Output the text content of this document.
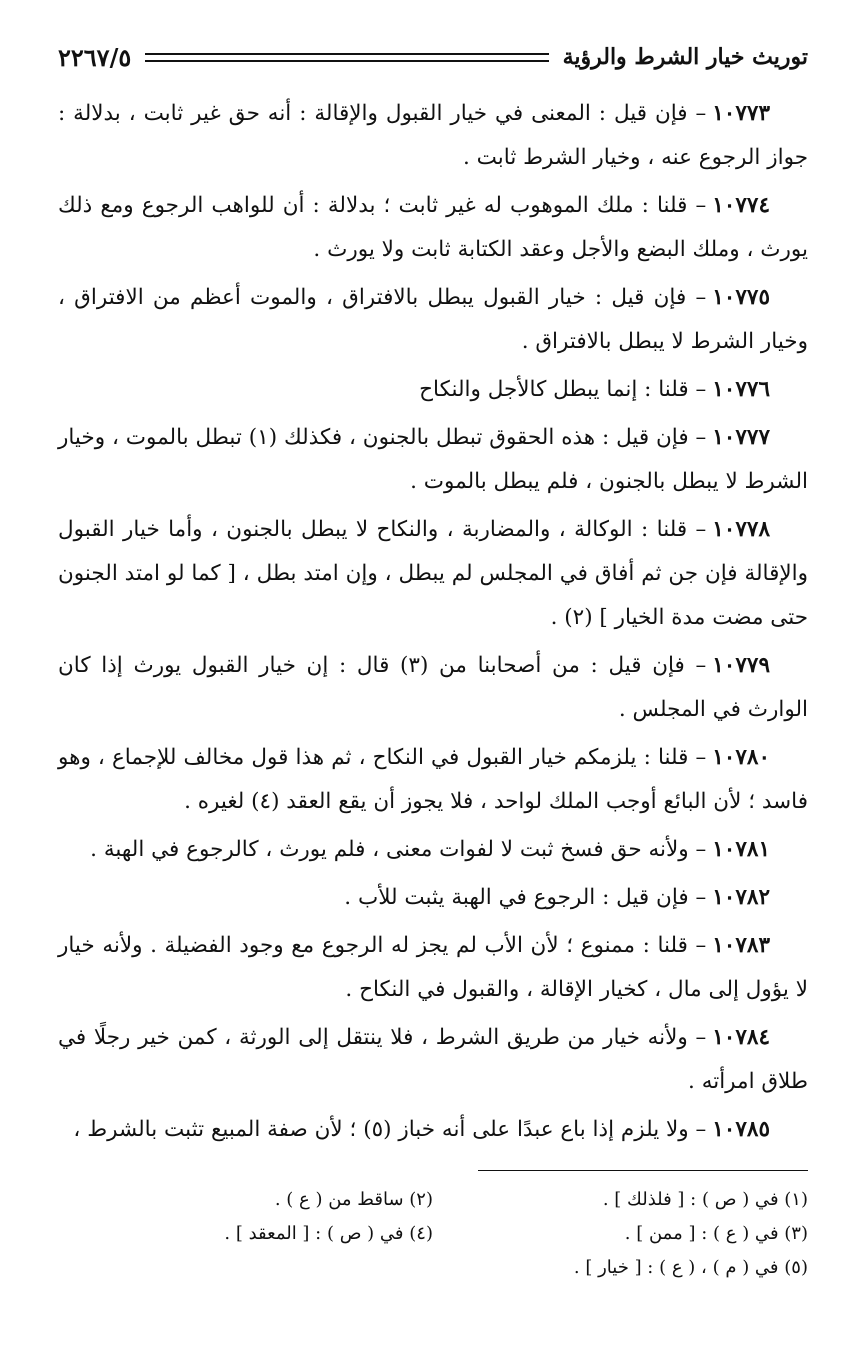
توريث خيار الشرط والرؤية
٢٢٦٧/٥

١٠٧٧٣– فإن قيل : المعنى في خيار القبول والإقالة : أنه حق غير ثابت ، بدلالة : جواز الرجوع عنه ، وخيار الشرط ثابت .

١٠٧٧٤– قلنا : ملك الموهوب له غير ثابت ؛ بدلالة : أن للواهب الرجوع ومع ذلك يورث ، وملك البضع والأجل وعقد الكتابة ثابت ولا يورث .

١٠٧٧٥– فإن قيل : خيار القبول يبطل بالافتراق ، والموت أعظم من الافتراق ، وخيار الشرط لا يبطل بالافتراق .

١٠٧٧٦– قلنا : إنما يبطل كالأجل والنكاح

١٠٧٧٧– فإن قيل : هذه الحقوق تبطل بالجنون ، فكذلك (١) تبطل بالموت ، وخيار الشرط لا يبطل بالجنون ، فلم يبطل بالموت .

١٠٧٧٨– قلنا : الوكالة ، والمضاربة ، والنكاح لا يبطل بالجنون ، وأما خيار القبول والإقالة فإن جن ثم أفاق في المجلس لم يبطل ، وإن امتد بطل ، [ كما لو امتد الجنون حتى مضت مدة الخيار ] (٢) .

١٠٧٧٩– فإن قيل : من أصحابنا من (٣) قال : إن خيار القبول يورث إذا كان الوارث في المجلس .

١٠٧٨٠– قلنا : يلزمكم خيار القبول في النكاح ، ثم هذا قول مخالف للإجماع ، وهو فاسد ؛ لأن البائع أوجب الملك لواحد ، فلا يجوز أن يقع العقد (٤) لغيره .

١٠٧٨١– ولأنه حق فسخ ثبت لا لفوات معنى ، فلم يورث ، كالرجوع في الهبة .

١٠٧٨٢– فإن قيل : الرجوع في الهبة يثبت للأب .

١٠٧٨٣– قلنا : ممنوع ؛ لأن الأب لم يجز له الرجوع مع وجود الفضيلة . ولأنه خيار لا يؤول إلى مال ، كخيار الإقالة ، والقبول في النكاح .

١٠٧٨٤– ولأنه خيار من طريق الشرط ، فلا ينتقل إلى الورثة ، كمن خير رجلًا في طلاق امرأته .

١٠٧٨٥– ولا يلزم إذا باع عبدًا على أنه خباز (٥) ؛ لأن صفة المبيع تثبت بالشرط ،

(١) في ( ص ) : [ فلذلك ] .
(٢) ساقط من ( ع ) .
(٣) في ( ع ) : [ ممن ] .
(٤) في ( ص ) : [ المعقد ] .
(٥) في ( م ) ، ( ع ) : [ خيار ] .
